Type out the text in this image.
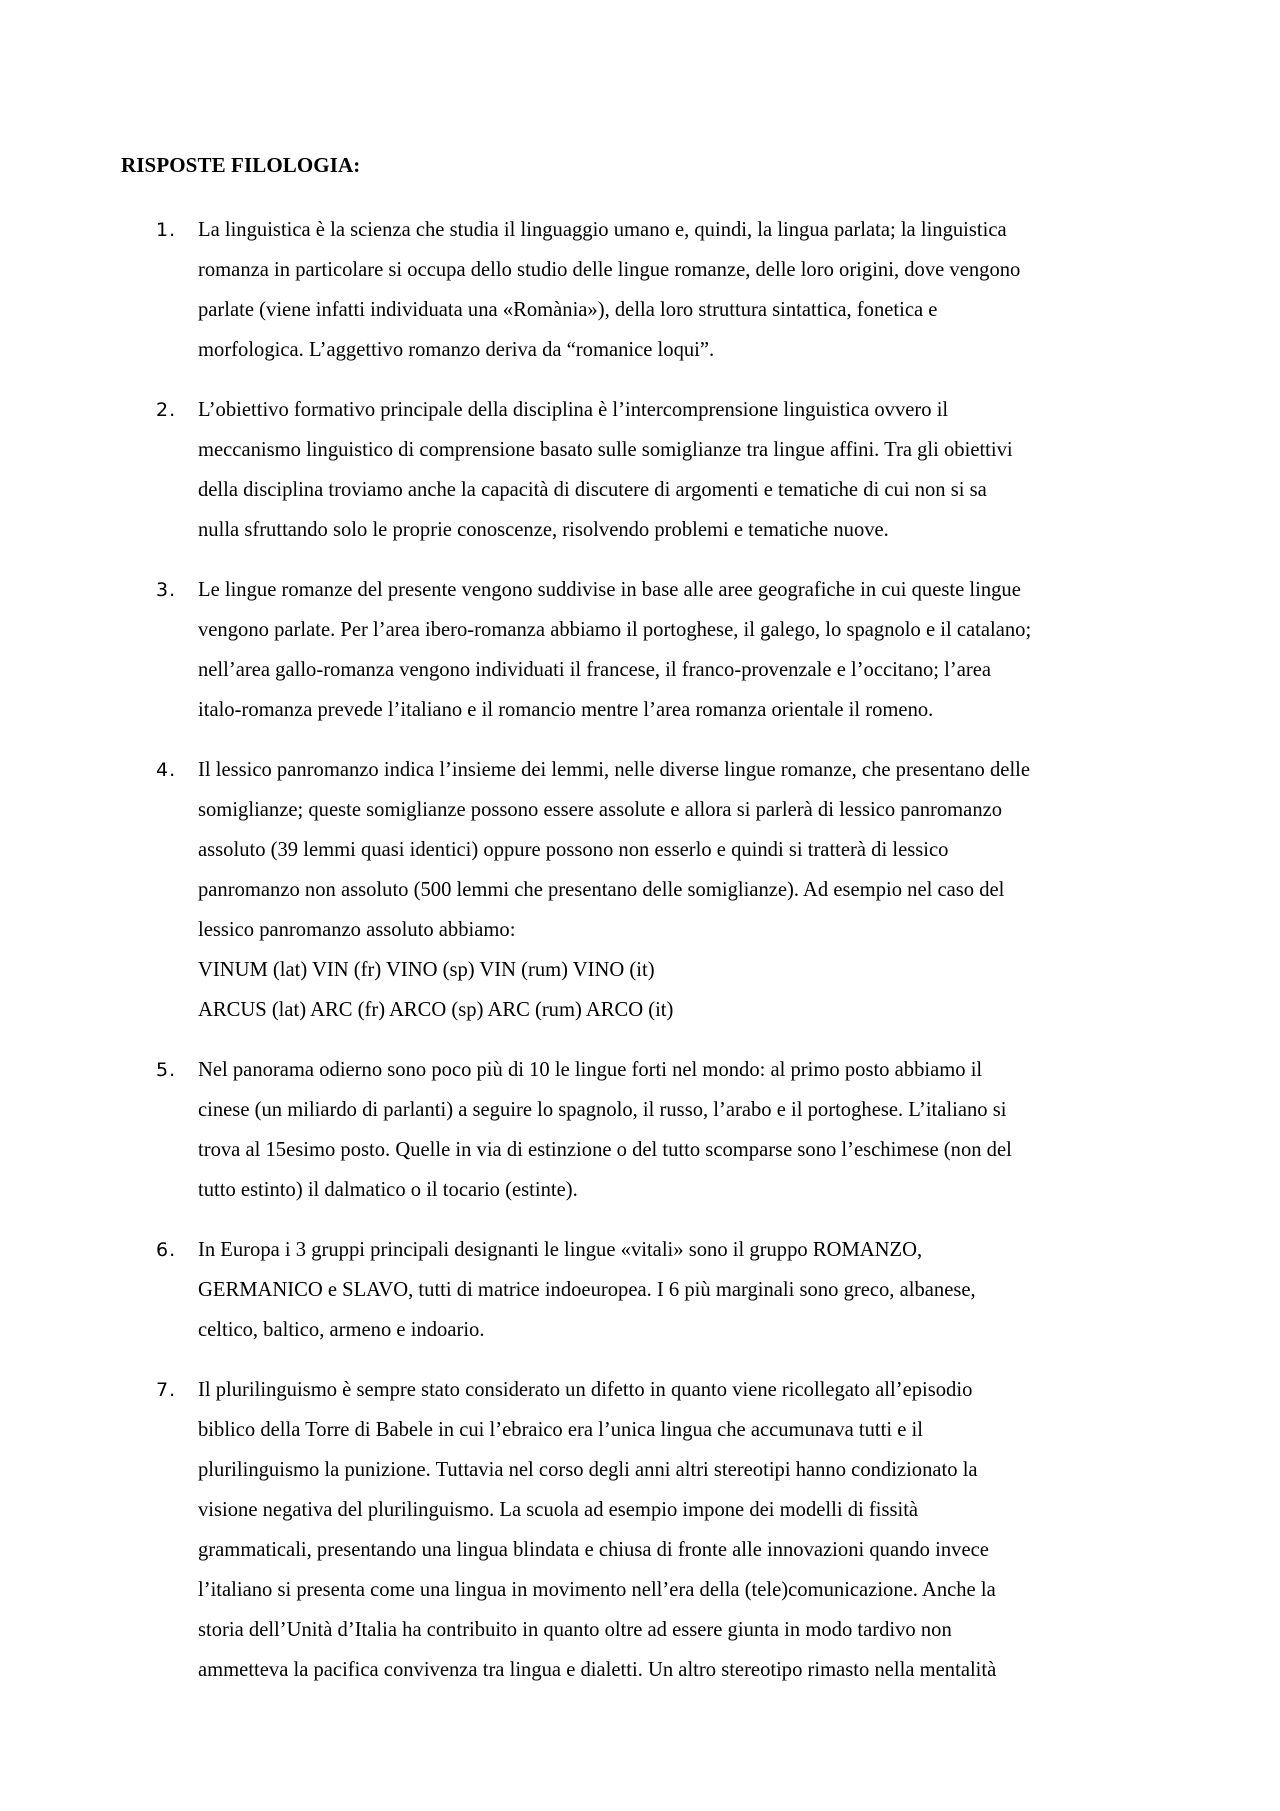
RISPOSTE FILOLOGIA:
1. La linguistica è la scienza che studia il linguaggio umano e, quindi, la lingua parlata; la linguistica
romanza in particolare si occupa dello studio delle lingue romanze, delle loro origini, dove vengono
parlate (viene infatti individuata una «Romània»), della loro struttura sintattica, fonetica e
morfologica. L’aggettivo romanzo deriva da “romanice loqui”.
2. L’obiettivo formativo principale della disciplina è l’intercomprensione linguistica ovvero il
meccanismo linguistico di comprensione basato sulle somiglianze tra lingue affini. Tra gli obiettivi
della disciplina troviamo anche la capacità di discutere di argomenti e tematiche di cui non si sa
nulla sfruttando solo le proprie conoscenze, risolvendo problemi e tematiche nuove.
3. Le lingue romanze del presente vengono suddivise in base alle aree geografiche in cui queste lingue
vengono parlate. Per l’area ibero-romanza abbiamo il portoghese, il galego, lo spagnolo e il catalano;
nell’area gallo-romanza vengono individuati il francese, il franco-provenzale e l’occitano; l’area
italo-romanza prevede l’italiano e il romancio mentre l’area romanza orientale il romeno.
4. Il lessico panromanzo indica l’insieme dei lemmi, nelle diverse lingue romanze, che presentano delle
somiglianze; queste somiglianze possono essere assolute e allora si parlerà di lessico panromanzo
assoluto (39 lemmi quasi identici) oppure possono non esserlo e quindi si tratterà di lessico
panromanzo non assoluto (500 lemmi che presentano delle somiglianze). Ad esempio nel caso del
lessico panromanzo assoluto abbiamo:
VINUM (lat) VIN (fr) VINO (sp) VIN (rum) VINO (it)
ARCUS (lat) ARC (fr) ARCO (sp) ARC (rum) ARCO (it)
5. Nel panorama odierno sono poco più di 10 le lingue forti nel mondo: al primo posto abbiamo il
cinese (un miliardo di parlanti) a seguire lo spagnolo, il russo, l’arabo e il portoghese. L’italiano si
trova al 15esimo posto. Quelle in via di estinzione o del tutto scomparse sono l’eschimese (non del
tutto estinto) il dalmatico o il tocario (estinte).
6. In Europa i 3 gruppi principali designanti le lingue «vitali» sono il gruppo ROMANZO,
GERMANICO e SLAVO, tutti di matrice indoeuropea. I 6 più marginali sono greco, albanese,
celtico, baltico, armeno e indoario.
7. Il plurilinguismo è sempre stato considerato un difetto in quanto viene ricollegato all’episodio
biblico della Torre di Babele in cui l’ebraico era l’unica lingua che accumunava tutti e il
plurilinguismo la punizione. Tuttavia nel corso degli anni altri stereotipi hanno condizionato la
visione negativa del plurilinguismo. La scuola ad esempio impone dei modelli di fissità
grammaticali, presentando una lingua blindata e chiusa di fronte alle innovazioni quando invece
l’italiano si presenta come una lingua in movimento nell’era della (tele)comunicazione. Anche la
storia dell’Unità d’Italia ha contribuito in quanto oltre ad essere giunta in modo tardivo non
ammetteva la pacifica convivenza tra lingua e dialetti. Un altro stereotipo rimasto nella mentalità
